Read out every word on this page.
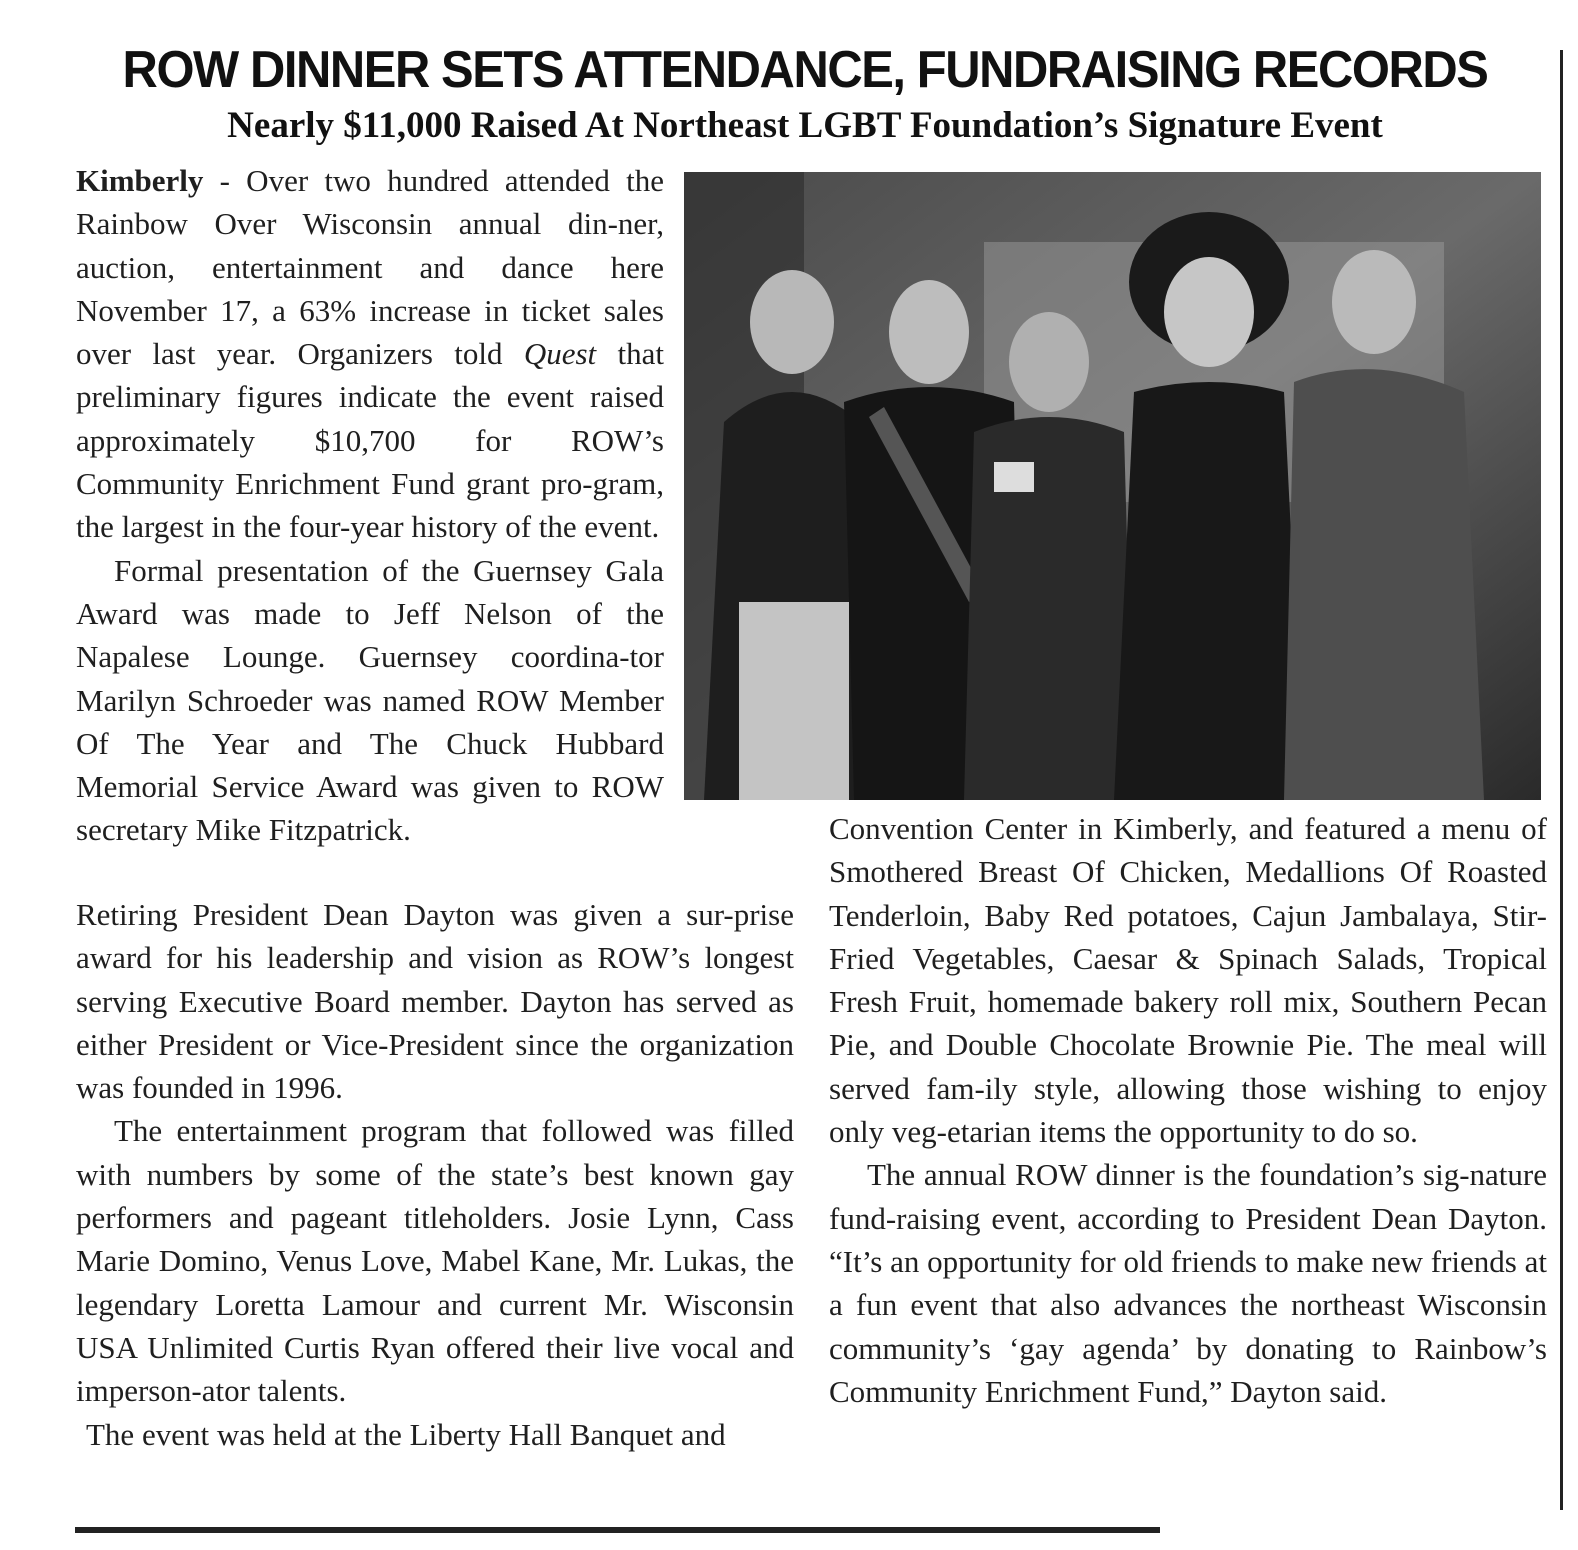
ROW DINNER SETS ATTENDANCE, FUNDRAISING RECORDS
Nearly $11,000 Raised At Northeast LGBT Foundation’s Signature Event

Kimberly - Over two hundred attended the Rainbow Over Wisconsin annual din-ner, auction, entertainment and dance here November 17, a 63% increase in ticket sales over last year. Organizers told Quest that preliminary figures indicate the event raised approximately $10,700 for ROW’s Community Enrichment Fund grant pro-gram, the largest in the four-year history of the event.

Formal presentation of the Guernsey Gala Award was made to Jeff Nelson of the Napalese Lounge. Guernsey coordina-tor Marilyn Schroeder was named ROW Member Of The Year and The Chuck Hubbard Memorial Service Award was given to ROW secretary Mike Fitzpatrick.

Retiring President Dean Dayton was given a sur-prise award for his leadership and vision as ROW’s longest serving Executive Board member. Dayton has served as either President or Vice-President since the organization was founded in 1996.

The entertainment program that followed was filled with numbers by some of the state’s best known gay performers and pageant titleholders. Josie Lynn, Cass Marie Domino, Venus Love, Mabel Kane, Mr. Lukas, the legendary Loretta Lamour and current Mr. Wisconsin USA Unlimited Curtis Ryan offered their live vocal and imperson-ator talents.

The event was held at the Liberty Hall Banquet and

Convention Center in Kimberly, and featured a menu of Smothered Breast Of Chicken, Medallions Of Roasted Tenderloin, Baby Red potatoes, Cajun Jambalaya, Stir-Fried Vegetables, Caesar & Spinach Salads, Tropical Fresh Fruit, homemade bakery roll mix, Southern Pecan Pie, and Double Chocolate Brownie Pie. The meal will served fam-ily style, allowing those wishing to enjoy only veg-etarian items the opportunity to do so.

The annual ROW dinner is the foundation’s sig-nature fund-raising event, according to President Dean Dayton. “It’s an opportunity for old friends to make new friends at a fun event that also advances the northeast Wisconsin community’s ‘gay agenda’ by donating to Rainbow’s Community Enrichment Fund,” Dayton said.
